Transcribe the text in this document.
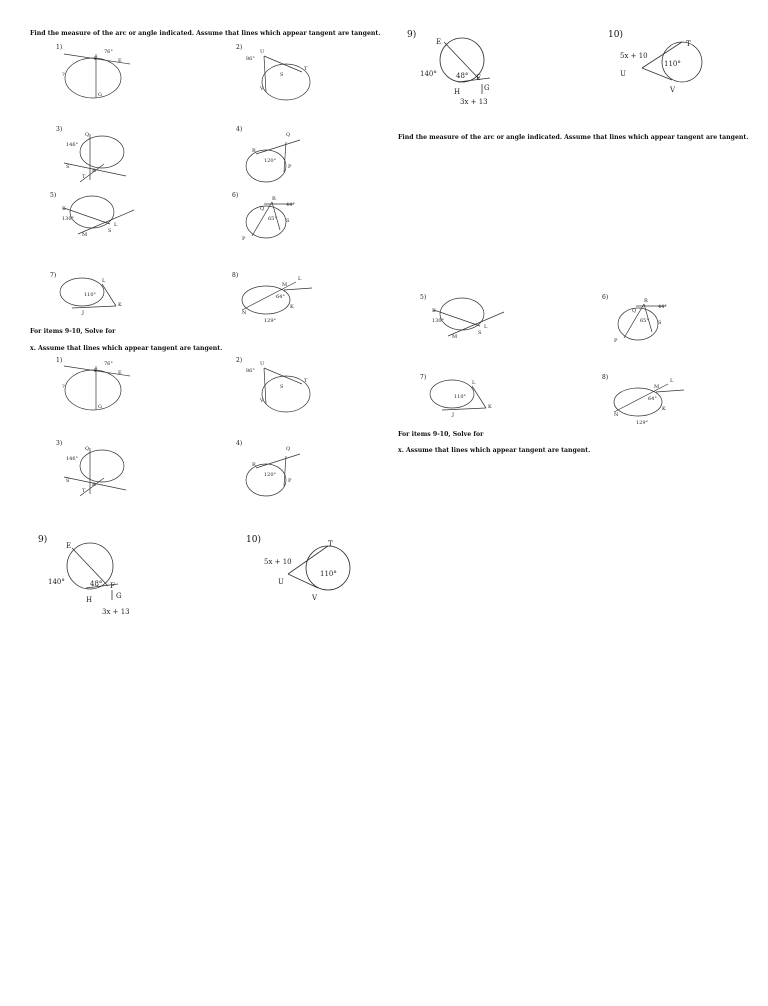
Find the measure of the arc or angle indicated. Assume that lines which appear tangent are tangent.
1)
76°
F	E
G
?
2)
86°
U
T
S
V
3)
146°
Q
R
S
T
4)
Q
R
120°
P
5)
130°
K
L
M
S
6)
44°
65°
R
Q
S
P
7)
110°
L
K
J
8)
64°
129°
M
L
K
N
For items 9-10, Solve for
x. Assume that lines which appear tangent are tangent.
1)	76°
F	E
G
?
2)
86°
U
T
S
V
3)
146°
Q
R
S
T
4)
Q
R
120°
P
9)
E
140°	48° F
G
H
3x + 13
10)
5x + 10
110°
T
U
V
9)
E
140°	48° F
G
H
3x + 13
10)
5x + 10
110°
T
U
V
Find the measure of the arc or angle indicated. Assume that lines which appear tangent are tangent.
5)
130°
K
L
M
S
6)
44°
65°
R
Q
S
P
7)
110°
L
K
J
8)
64°
129°
M
L
K
N
For items 9-10, Solve for
x. Assume that lines which appear tangent are tangent.
